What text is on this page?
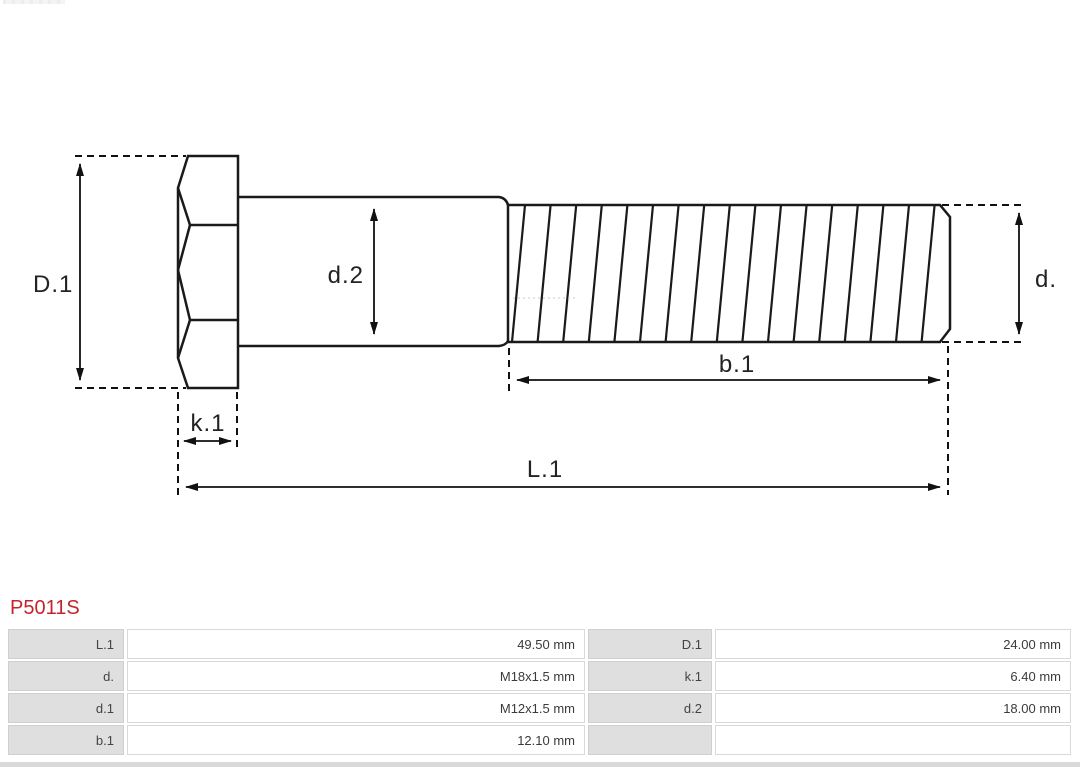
D.1	d.2	d.
b.1
k.1
L.1
P5011S
L.1	49.50 mm	D.1	24.00 mm
d.	M18x1.5 mm	k.1	6.40 mm
d.1	M12x1.5 mm	d.2	18.00 mm
b.1	12.10 mm
